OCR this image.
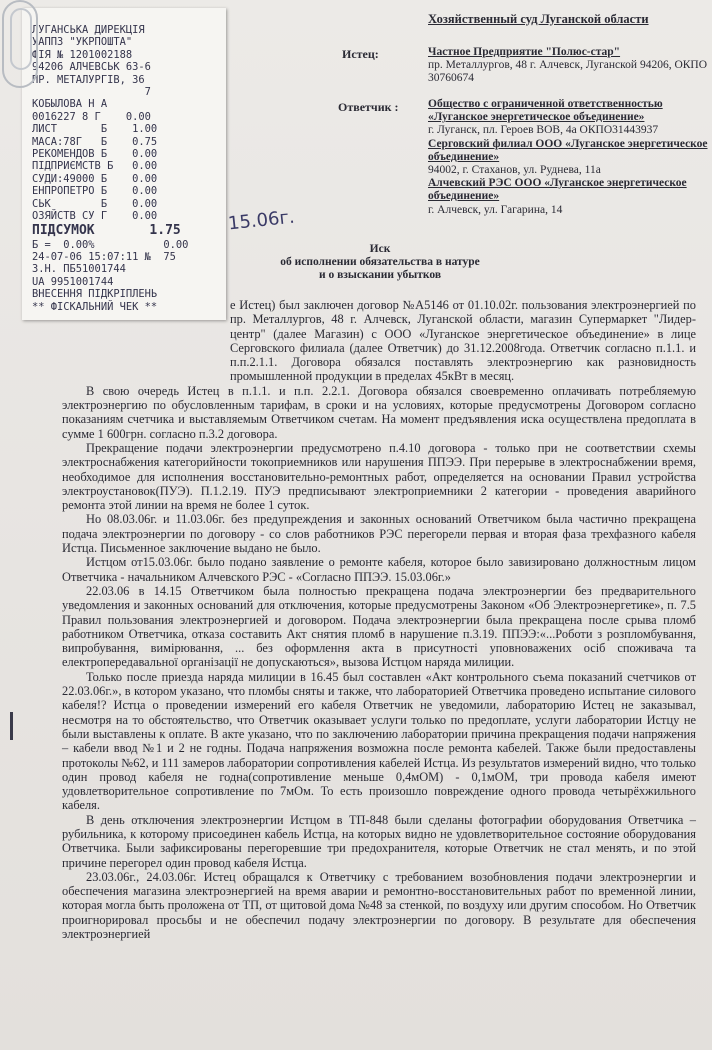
Хозяйственный суд Луганской области
Истец:	Частное Предприятие "Полюс-стар"
пр. Металлургов, 48 г. Алчевск, Луганской 94206, ОКПО 30760674
Ответчик :	Общество с ограниченной ответственностью «Луганское энергетическое объединение»
г. Луганск, пл. Героев ВОВ, 4а ОКПО31443937
Серговский филиал ООО «Луганское энергетическое объединение»
94002, г. Стаханов, ул. Руднева, 11а
Алчевский РЭС ООО «Луганское энергетическое объединение»
г. Алчевск, ул. Гагарина, 14
15.06г.
Иск
об исполнении обязательства в натуре
и о взыскании убытков

е Истец) был заключен договор №А5146 от 01.10.02г. пользования электроэнергией по пр. Металлургов, 48 г. Алчевск, Луганской области, магазин Супермаркет "Лидер-центр" (далее Магазин) с ООО «Луганское энергетическое объединение» в лице Серговского филиала (далее Ответчик) до 31.12.2008года. Ответчик согласно п.1.1. и п.п.2.1.1. Договора обязался поставлять электроэнергию как разновидность промышленной продукции в пределах 45кВт в месяц.

В свою очередь Истец в п.1.1. и п.п. 2.2.1. Договора обязался своевременно оплачивать потребляемую электроэнергию по обусловленным тарифам, в сроки и на условиях, которые предусмотрены Договором согласно показаниям счетчика и выставляемым Ответчиком счетам. На момент предъявления иска осуществлена предоплата в сумме 1 600грн. согласно п.3.2 договора.

Прекращение подачи электроэнергии предусмотрено п.4.10 договора - только при не соответствии схемы электроснабжения категорийности токоприемников или нарушения ППЭЭ. При перерыве в электроснабжении время, необходимое для исполнения восстановительно-ремонтных работ, определяется на основании Правил устройства электроустановок(ПУЭ). П.1.2.19. ПУЭ предписывают электроприемники 2 категории - проведения аварийного ремонта этой линии на время не более 1 суток.

Но 08.03.06г. и 11.03.06г. без предупреждения и законных оснований Ответчиком была частично прекращена подача электроэнергии по договору - со слов работников РЭС перегорели первая и вторая фаза трехфазного кабеля Истца. Письменное заключение выдано не было.

Истцом от15.03.06г. было подано заявление о ремонте кабеля, которое было завизировано должностным лицом Ответчика - начальником Алчевского РЭС - «Согласно ППЭЭ. 15.03.06г.»

22.03.06 в 14.15 Ответчиком была полностью прекращена подача электроэнергии без предварительного уведомления и законных оснований для отключения, которые предусмотрены Законом «Об Электроэнергетике», п. 7.5 Правил пользования электроэнергией и договором. Подача электроэнергии была прекращена после срыва пломб работником Ответчика, отказа составить Акт снятия пломб в нарушение п.3.19. ППЭЭ:«...Роботи з розпломбування, випробування, вимірювання, ... без оформлення акта в присутності уповноважених осіб споживача та електропередавальної організації не допускаються», вызова Истцом наряда милиции.

Только после приезда наряда милиции в 16.45 был составлен «Акт контрольного съема показаний счетчиков от 22.03.06г.», в котором указано, что пломбы сняты и также, что лабораторией Ответчика проведено испытание силового кабеля!? Истца о проведении измерений его кабеля Ответчик не уведомили, лабораторию Истец не заказывал, несмотря на то обстоятельство, что Ответчик оказывает услуги только по предоплате, услуги лаборатории Истцу не были выставлены к оплате. В акте указано, что по заключению лаборатории причина прекращения подачи напряжения – кабели ввод №1 и 2 не годны. Подача напряжения возможна после ремонта кабелей. Также были предоставлены протоколы №62, и 111 замеров лаборатории сопротивления кабелей Истца. Из результатов измерений видно, что только один провод кабеля не годна(сопротивление меньше 0,4мОМ) - 0,1мОМ, три провода кабеля имеют удовлетворительное сопротивление по 7мОм. То есть произошло повреждение одного провода четырёхжильного кабеля.

В день отключения электроэнергии Истцом в ТП-848 были сделаны фотографии оборудования Ответчика – рубильника, к которому присоединен кабель Истца, на которых видно не удовлетворительное состояние оборудования Ответчика. Были зафиксированы перегоревшие три предохранителя, которые Ответчик не стал менять, и по этой причине перегорел один провод кабеля Истца.

23.03.06г., 24.03.06г. Истец обращался к Ответчику с требованием возобновления подачи электроэнергии и обеспечения магазина электроэнергией на время аварии и ремонтно-восстановительных работ по временной линии, которая могла быть проложена от ТП, от щитовой дома №48 за стенкой, по воздуху или другим способом. Но Ответчик проигнорировал просьбы и не обеспечил подачу электроэнергии по договору. В результате для обеспечения электроэнергией

ЛУГАНСЬКА ДИРЕКЦІЯ
УАППЗ "УКРПОШТА"
ФІЯ № 1201002188
94206 АЛЧЕВСЬК 63-6
ПР. МЕТАЛУРГІВ, 36
7
КОБЫЛОВА Н А
0016227 8 Г    0.00
ЛИСТ       Б    1.00
МАСА:78Г   Б    0.75
РЕКОМЕНДОВ Б    0.00
ПІДПРИЄМСТВ Б   0.00
СУДИ:49000 Б    0.00
ЕНПРОПЕТРО Б    0.00
СЬК        Б    0.00
ОЗЯЙСТВ СУ Г    0.00
ПІДСУМОК	1.75
Б =  0.00%           0.00
24-07-06 15:07:11 №  75
З.Н. ПБ51001744
UA 9951001744
ВНЕСЕННЯ ПІДКРІПЛЕНЬ
** ФІСКАЛЬНИЙ ЧЕК **
